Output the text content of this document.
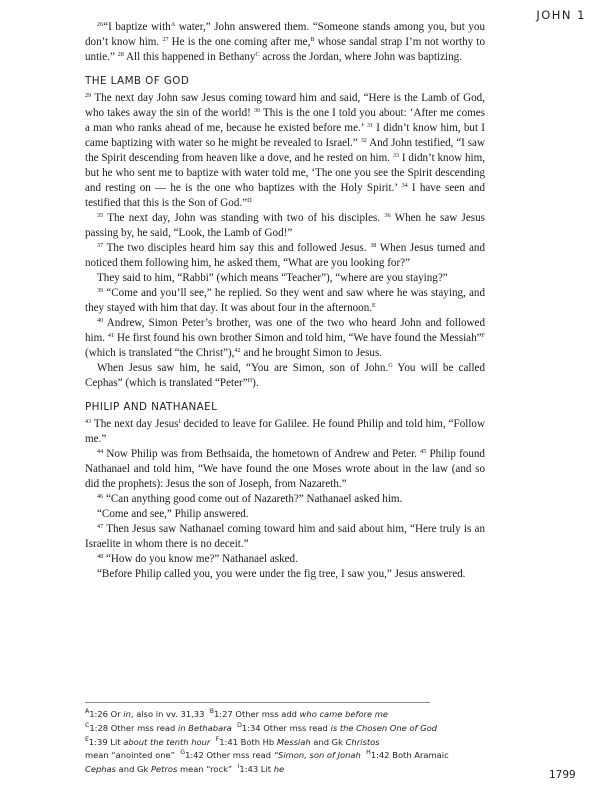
JOHN 1

$^{26}$“I baptize with$^A$ water,” John answered them. “Someone stands among you, but you don’t know him. $^{27}$ He is the one coming after me,$^B$ whose sandal strap I’m not worthy to untie.” $^{28}$ All this happened in Bethany$^C$ across the Jordan, where John was baptizing.

THE LAMB OF GOD

$^{29}$ The next day John saw Jesus coming toward him and said, “Here is the Lamb of God, who takes away the sin of the world! $^{30}$ This is the one I told you about: ‘After me comes a man who ranks ahead of me, because he existed before me.’ $^{31}$ I didn’t know him, but I came baptizing with water so he might be revealed to Israel.” $^{32}$ And John testified, “I saw the Spirit descending from heaven like a dove, and he rested on him. $^{33}$ I didn’t know him, but he who sent me to baptize with water told me, ‘The one you see the Spirit descending and resting on — he is the one who baptizes with the Holy Spirit.’ $^{34}$ I have seen and testified that this is the Son of God.”$^D$

$^{35}$ The next day, John was standing with two of his disciples. $^{36}$ When he saw Jesus passing by, he said, “Look, the Lamb of God!”

$^{37}$ The two disciples heard him say this and followed Jesus. $^{38}$ When Jesus turned and noticed them following him, he asked them, “What are you looking for?”

They said to him, “Rabbi” (which means “Teacher”), “where are you staying?”

$^{39}$ “Come and you’ll see,” he replied. So they went and saw where he was staying, and they stayed with him that day. It was about four in the afternoon.$^E$

$^{40}$ Andrew, Simon Peter’s brother, was one of the two who heard John and followed him. $^{41}$ He first found his own brother Simon and told him, “We have found the Messiah”$^F$ (which is translated “the Christ”),$^{42}$ and he brought Simon to Jesus.

When Jesus saw him, he said, “You are Simon, son of John.$^G$ You will be called Cephas” (which is translated “Peter”$^H$).

PHILIP AND NATHANAEL

$^{43}$ The next day Jesus$^I$ decided to leave for Galilee. He found Philip and told him, “Follow me.”

$^{44}$ Now Philip was from Bethsaida, the hometown of Andrew and Peter. $^{45}$ Philip found Nathanael and told him, “We have found the one Moses wrote about in the law (and so did the prophets): Jesus the son of Joseph, from Nazareth.”

$^{46}$ “Can anything good come out of Nazareth?” Nathanael asked him.

“Come and see,” Philip answered.

$^{47}$ Then Jesus saw Nathanael coming toward him and said about him, “Here truly is an Israelite in whom there is no deceit.”

$^{48}$ “How do you know me?” Nathanael asked.

“Before Philip called you, you were under the fig tree, I saw you,” Jesus answered.

$^A$1:26 Or in, also in vv. 31,33 $^B$1:27 Other mss add who came before me

$^C$1:28 Other mss read in Bethabara $^D$1:34 Other mss read is the Chosen One of God

$^E$1:39 Lit about the tenth hour $^F$1:41 Both Hb Messiah and Gk Christos

mean “anointed one” $^G$1:42 Other mss read “Simon, son of Jonah $^H$1:42 Both Aramaic

Cephas and Gk Petros mean “rock” $^I$1:43 Lit he	1799
